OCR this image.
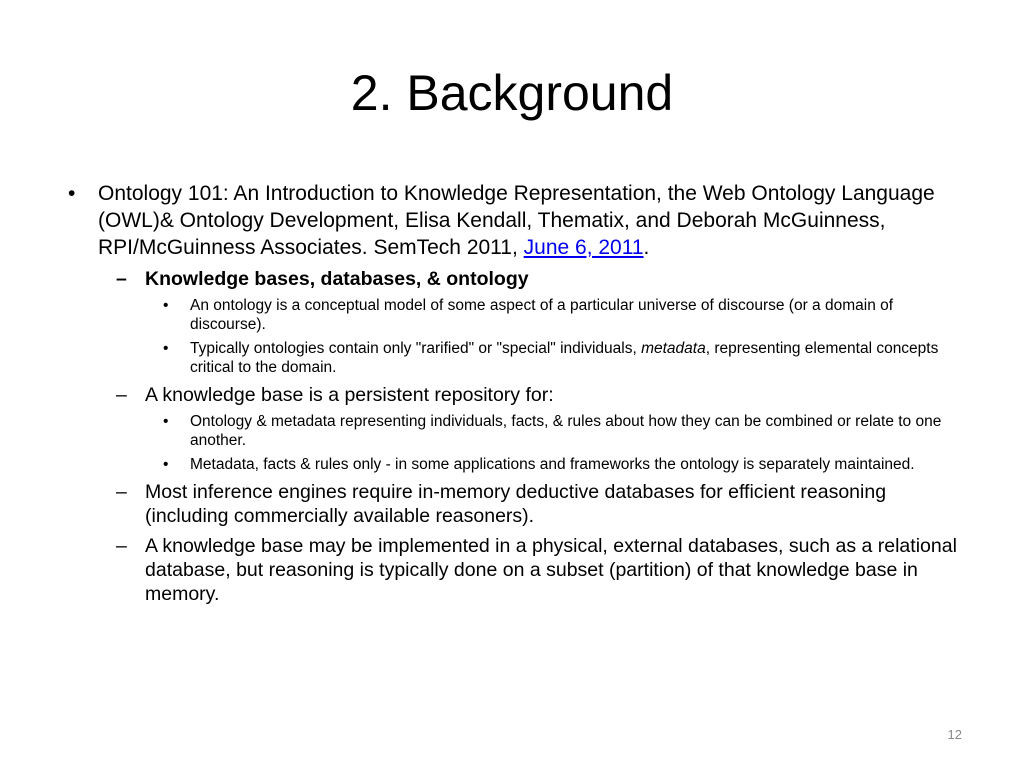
2. Background

• Ontology 101: An Introduction to Knowledge Representation, the Web Ontology Language (OWL)& Ontology Development, Elisa Kendall, Thematix, and Deborah McGuinness, RPI/McGuinness Associates. SemTech 2011, June 6, 2011.

– Knowledge bases, databases, & ontology

• An ontology is a conceptual model of some aspect of a particular universe of discourse (or a domain of discourse).

• Typically ontologies contain only "rarified" or "special" individuals, metadata, representing elemental concepts critical to the domain.

– A knowledge base is a persistent repository for:

• Ontology & metadata representing individuals, facts, & rules about how they can be combined or relate to one another.

• Metadata, facts & rules only - in some applications and frameworks the ontology is separately maintained.

– Most inference engines require in-memory deductive databases for efficient reasoning (including commercially available reasoners).

– A knowledge base may be implemented in a physical, external databases, such as a relational database, but reasoning is typically done on a subset (partition) of that knowledge base in memory.

12
